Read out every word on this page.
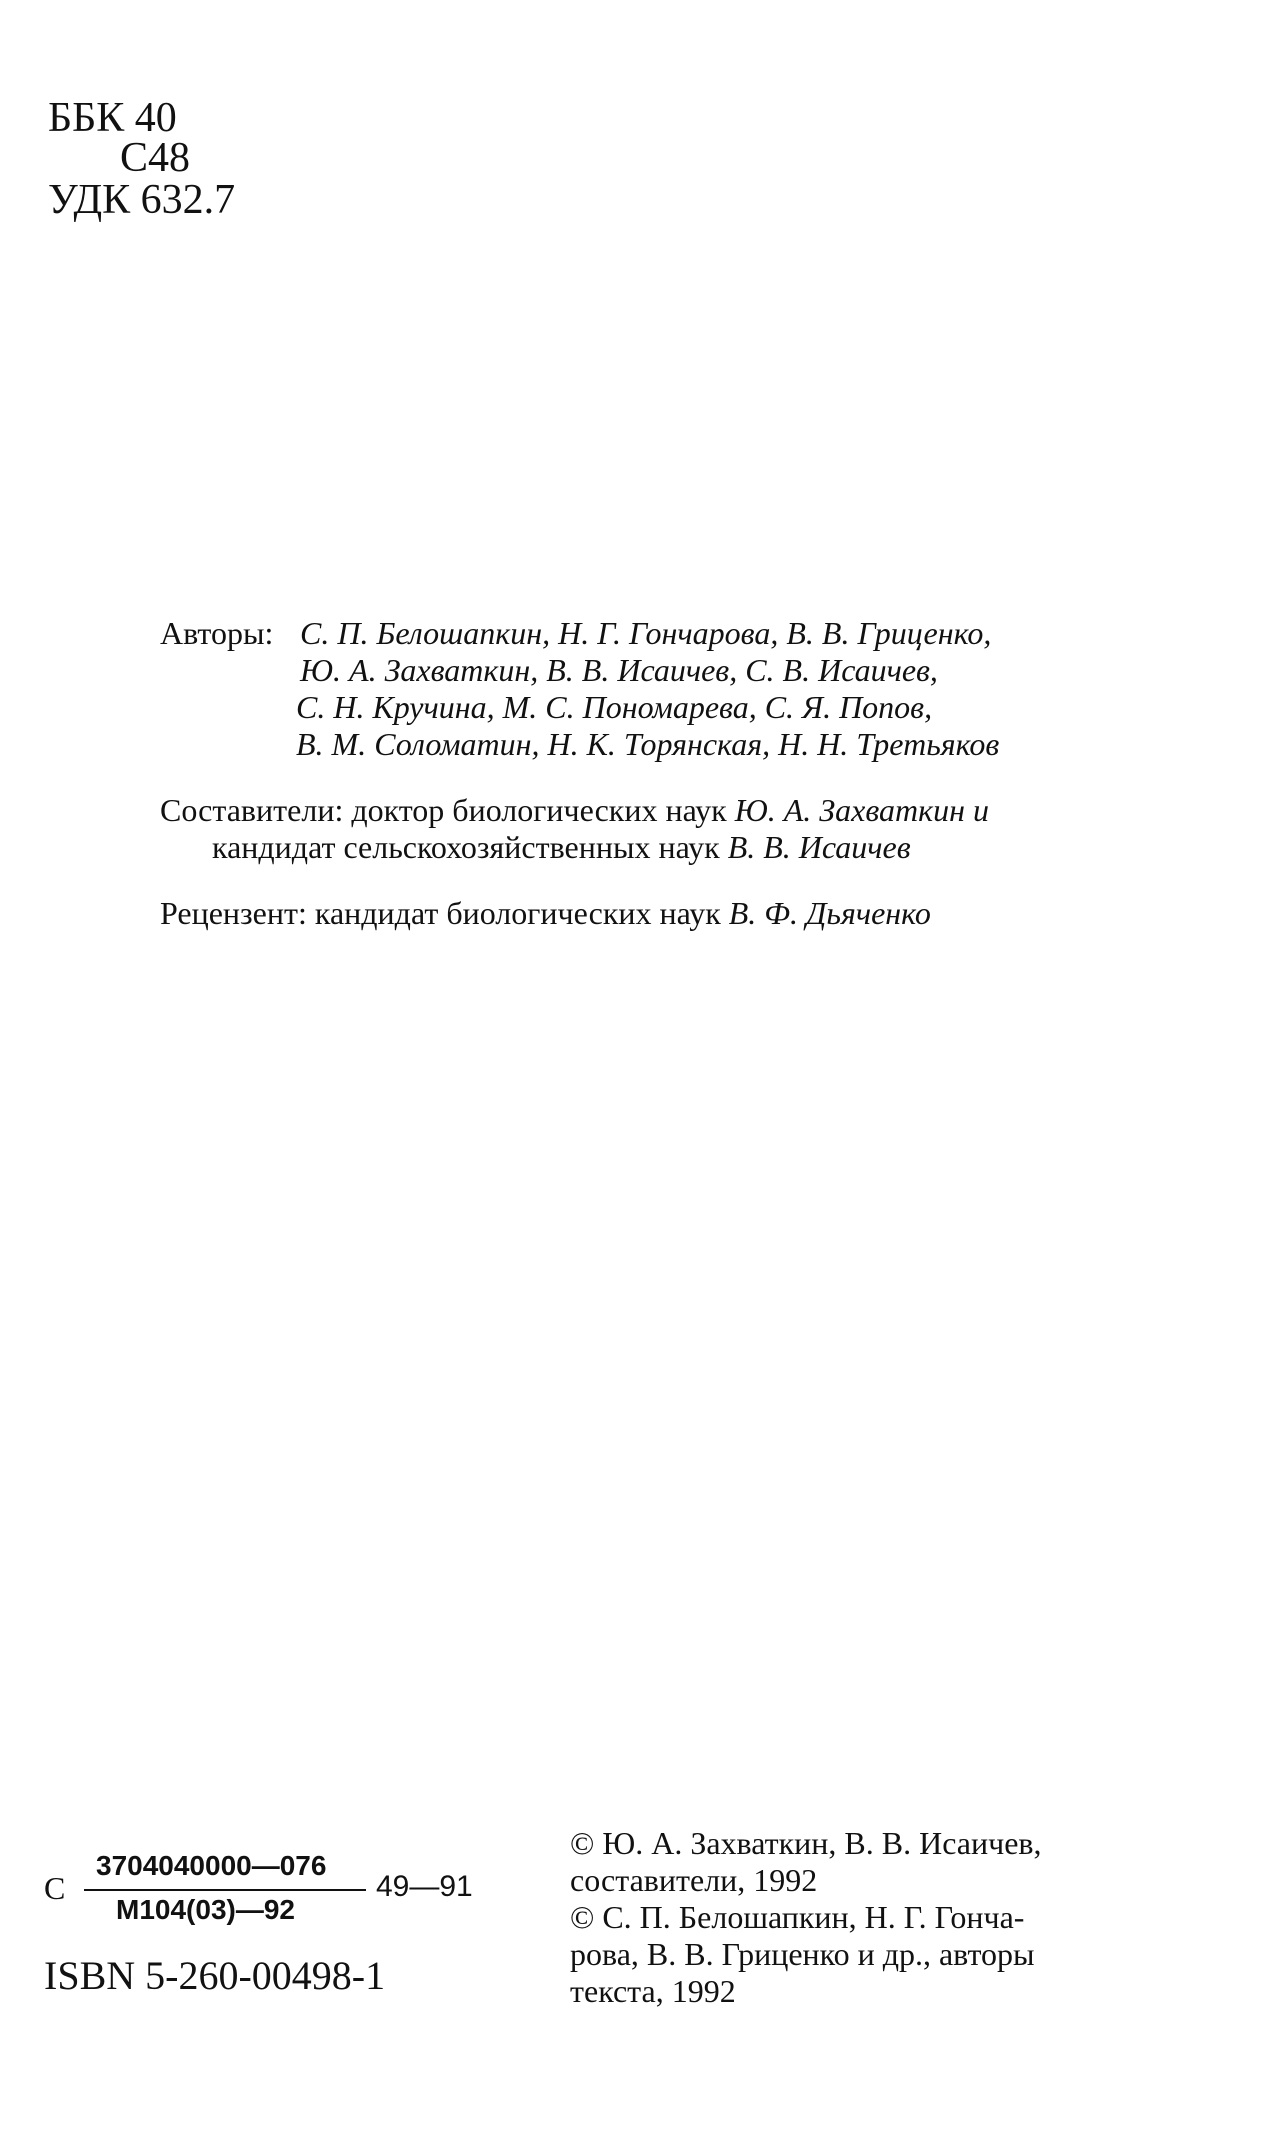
ББК 40
С48
УДК 632.7
Авторы: С. П. Белошапкин, Н. Г. Гончарова, В. В. Гриценко,
Ю. А. Захваткин, В. В. Исаичев, С. В. Исаичев,
С. Н. Кручина, М. С. Пономарева, С. Я. Попов,
В. М. Соломатин, Н. К. Торянская, Н. Н. Третьяков
Составители: доктор биологических наук Ю. А. Захваткин и
кандидат сельскохозяйственных наук В. В. Исаичев
Рецензент: кандидат биологических наук В. Ф. Дьяченко
С
3704040000—076
М104(03)—92
49—91
ISBN 5-260-00498-1
© Ю. А. Захваткин, В. В. Исаичев,
составители, 1992
© С. П. Белошапкин, Н. Г. Гонча-
рова, В. В. Гриценко и др., авторы
текста, 1992
